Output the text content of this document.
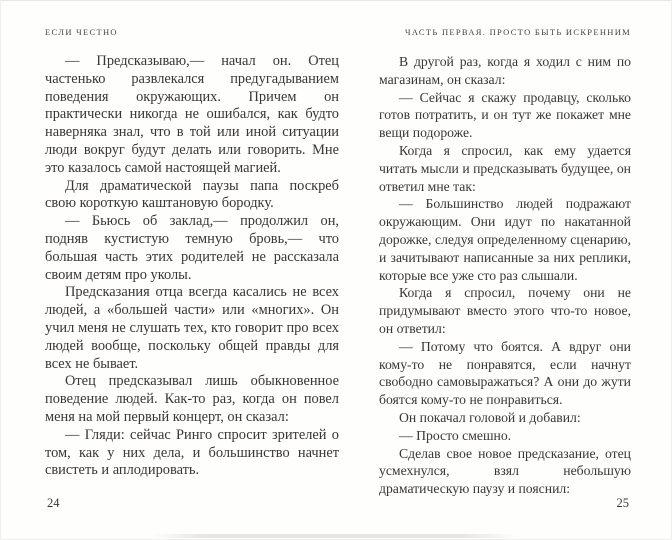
ЕСЛИ ЧЕСТНО

— Предсказываю,— начал он. Отец частенько развлекался предугадыванием поведения окружающих. Причем он практически никогда не ошибался, как будто наверняка знал, что в той или иной ситуации люди вокруг будут делать или говорить. Мне это казалось самой настоящей магией.

Для драматической паузы папа поскреб свою короткую каштановую бородку.

— Бьюсь об заклад,— продолжил он, подняв кустистую темную бровь,— что большая часть этих родителей не рассказала своим детям про уколы.

Предсказания отца всегда касались не всех людей, а «большей части» или «многих». Он учил меня не слушать тех, кто говорит про всех людей вообще, поскольку общей правды для всех не бывает.

Отец предсказывал лишь обыкновенное поведение людей. Как-то раз, когда он повел меня на мой первый концерт, он сказал:

— Гляди: сейчас Ринго спросит зрителей о том, как у них дела, и большинство начнет свистеть и аплодировать.

ЧАСТЬ ПЕРВАЯ. ПРОСТО БЫТЬ ИСКРЕННИМ

В другой раз, когда я ходил с ним по магазинам, он сказал:

— Сейчас я скажу продавцу, сколько готов потратить, и он тут же покажет мне вещи подороже.

Когда я спросил, как ему удается читать мысли и предсказывать будущее, он ответил мне так:

— Большинство людей подражают окружающим. Они идут по накатанной дорожке, следуя определенному сценарию, и зачитывают написанные за них реплики, которые все уже сто раз слышали.

Когда я спросил, почему они не придумывают вместо этого что-то новое, он ответил:

— Потому что боятся. А вдруг они кому-то не понравятся, если начнут свободно самовыражаться? А они до жути боятся кому-то не понравиться.

Он покачал головой и добавил:

— Просто смешно.

Сделав свое новое предсказание, отец усмехнулся, взял небольшую драматическую паузу и пояснил:

24	25
